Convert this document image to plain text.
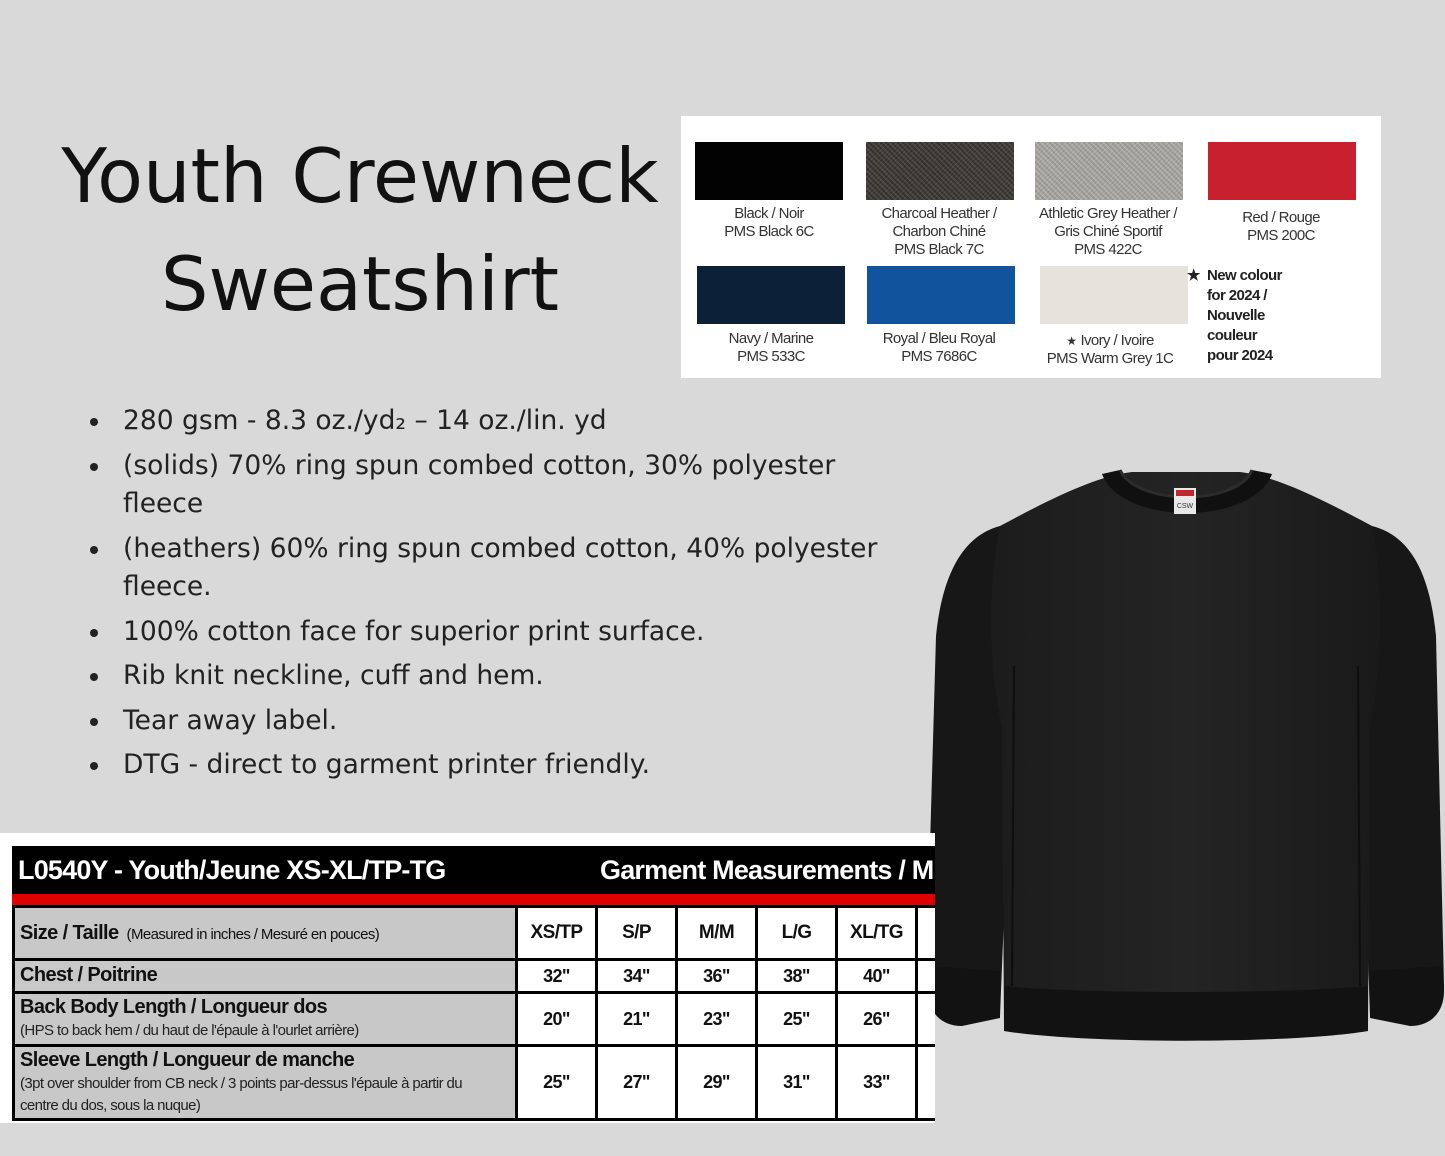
Youth Crewneck
Sweatshirt
Black / Noir
PMS Black 6C
Charcoal Heather /
Charbon Chiné
PMS Black 7C
Athletic Grey Heather /
Gris Chiné Sportif
PMS 422C
Red / Rouge
PMS 200C
Navy / Marine
PMS 533C
Royal / Bleu Royal
PMS 7686C
★ Ivory / Ivoire
PMS Warm Grey 1C
★ New colour
for 2024 /
Nouvelle
couleur
pour 2024
280 gsm - 8.3 oz./yd₂ – 14 oz./lin. yd
(solids) 70% ring spun combed cotton, 30% polyester fleece
(heathers) 60% ring spun combed cotton, 40% polyester fleece.
100% cotton face for superior print surface.
Rib knit neckline, cuff and hem.
Tear away label.
DTG - direct to garment printer friendly.
CSW
L0540Y - Youth/Jeune XS-XL/TP-TG	Garment Measurements / M
Size / Taille (Measured in inches / Mesuré en pouces)	XS/TP	S/P	M/M	L/G	XL/TG
Chest / Poitrine	32"	34"	36"	38"	40"
Back Body Length / Longueur dos
(HPS to back hem / du haut de l'épaule à l'ourlet arrière)
20"	21"	23"	25"	26"
Sleeve Length / Longueur de manche
(3pt over shoulder from CB neck / 3 points par-dessus l'épaule à partir du centre du dos, sous la nuque)
25"	27"	29"	31"	33"
